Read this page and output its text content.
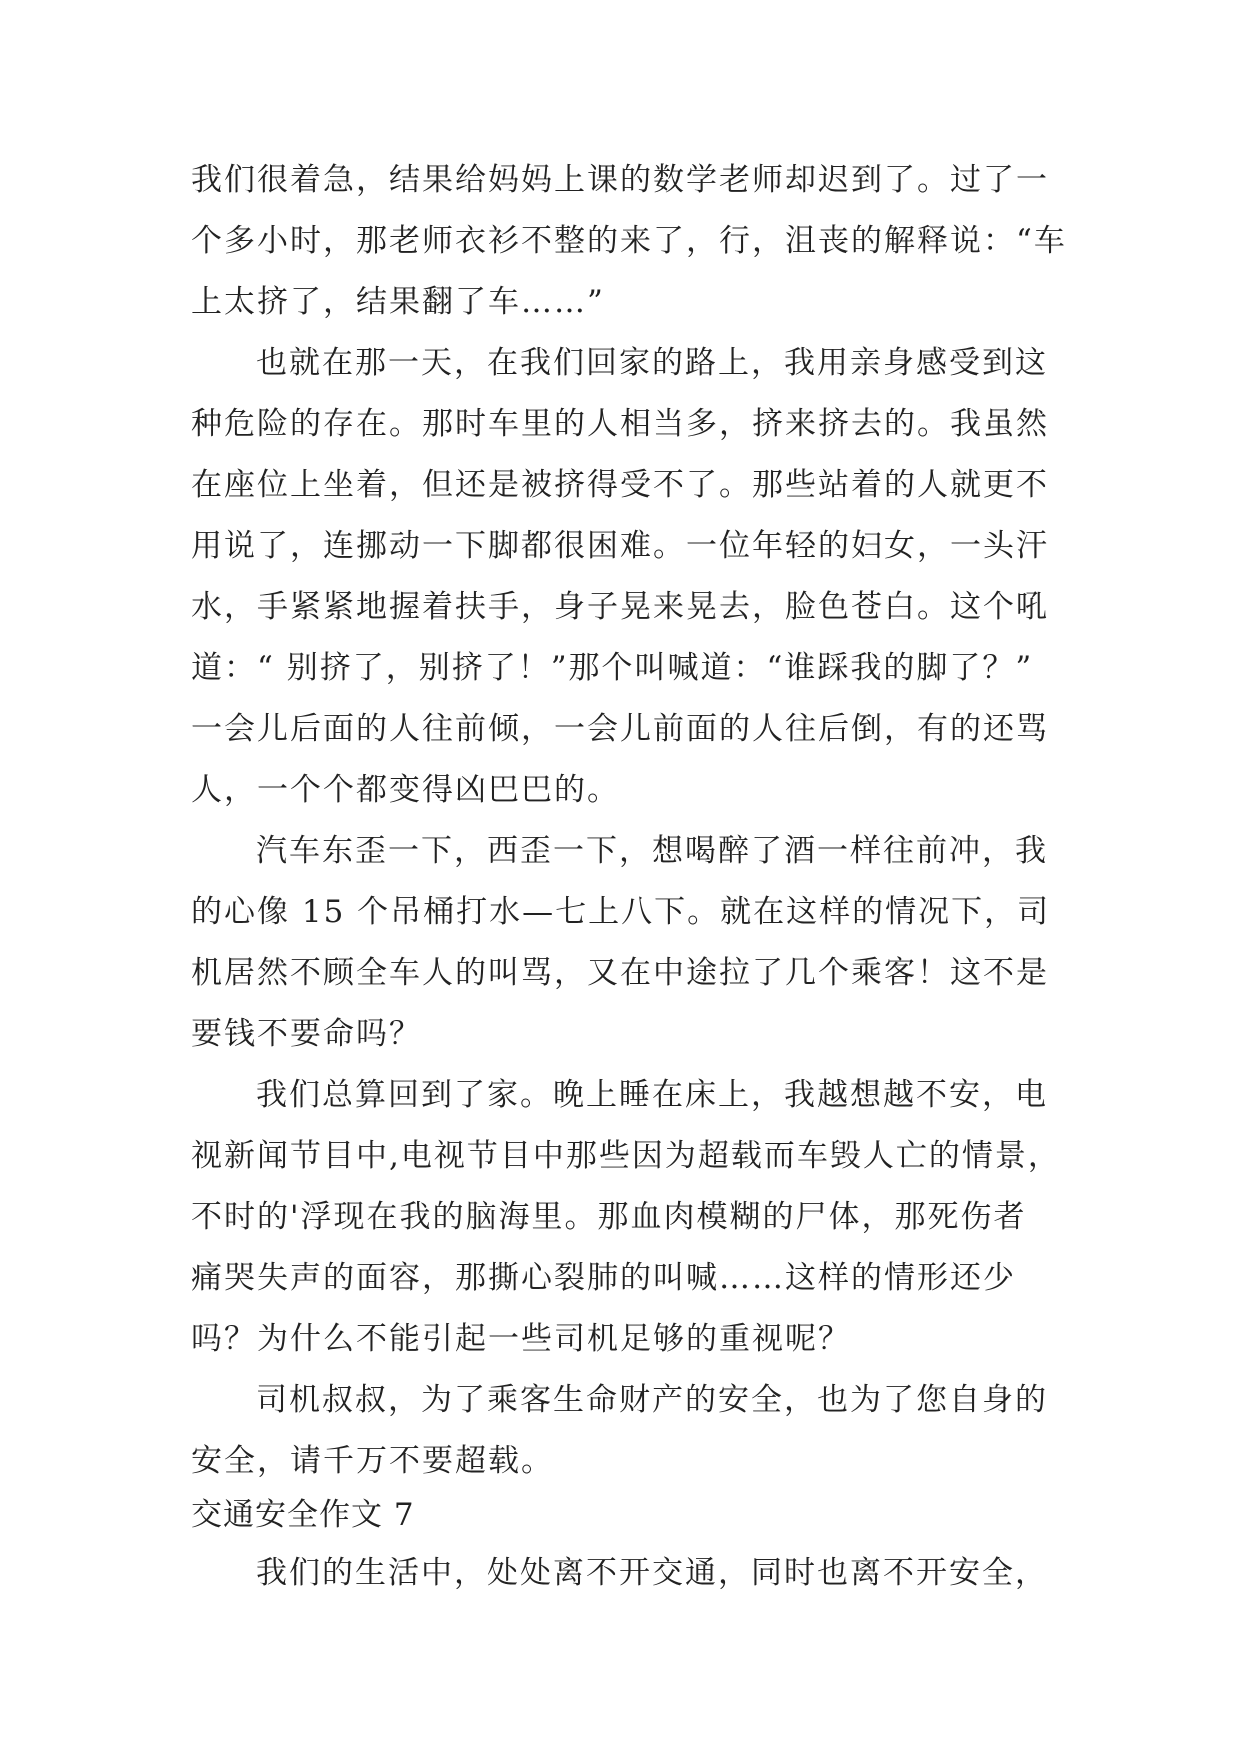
我们很着急，结果给妈妈上课的数学老师却迟到了。过了一
个多小时，那老师衣衫不整的来了，行，沮丧的解释说：“车
上太挤了，结果翻了车……”
也就在那一天，在我们回家的路上，我用亲身感受到这
种危险的存在。那时车里的人相当多，挤来挤去的。我虽然
在座位上坐着，但还是被挤得受不了。那些站着的人就更不
用说了，连挪动一下脚都很困难。一位年轻的妇女，一头汗
水，手紧紧地握着扶手，身子晃来晃去，脸色苍白。这个吼
道：“ 别挤了，别挤了！”那个叫喊道：“谁踩我的脚了？”
一会儿后面的人往前倾，一会儿前面的人往后倒，有的还骂
人，一个个都变得凶巴巴的。
汽车东歪一下，西歪一下，想喝醉了酒一样往前冲，我
的心像 15 个吊桶打水—七上八下。就在这样的情况下，司
机居然不顾全车人的叫骂，又在中途拉了几个乘客！这不是
要钱不要命吗？
我们总算回到了家。晚上睡在床上，我越想越不安，电
视新闻节目中,电视节目中那些因为超载而车毁人亡的情景，
不时的'浮现在我的脑海里。那血肉模糊的尸体，那死伤者
痛哭失声的面容，那撕心裂肺的叫喊……这样的情形还少
吗？为什么不能引起一些司机足够的重视呢？
司机叔叔，为了乘客生命财产的安全，也为了您自身的
安全，请千万不要超载。
交通安全作文 7
我们的生活中，处处离不开交通，同时也离不开安全，
